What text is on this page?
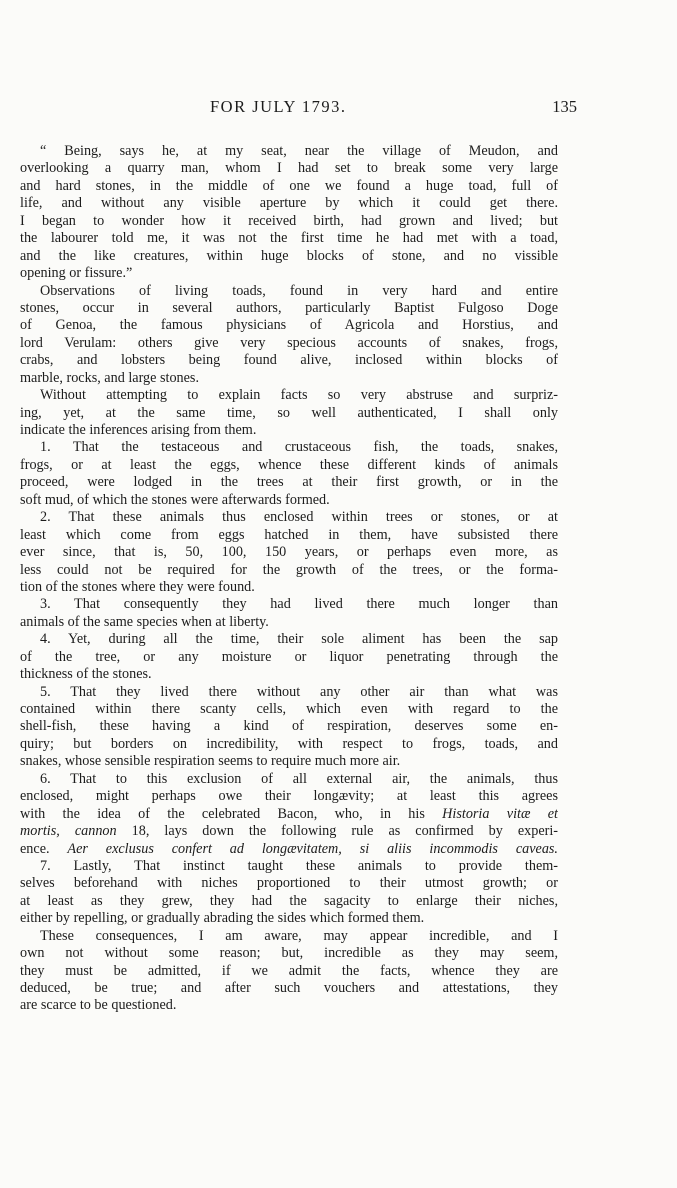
FOR JULY 1793.	135
“ Being, says he, at my seat, near the village of Meudon, and
overlooking a quarry man, whom I had set to break some very large
and hard stones, in the middle of one we found a huge toad, full of
life, and without any visible aperture by which it could get there.
I began to wonder how it received birth, had grown and lived; but
the labourer told me, it was not the first time he had met with a toad,
and the like creatures, within huge blocks of stone, and no vissible
opening or fissure.”
Observations of living toads, found in very hard and entire
stones, occur in several authors, particularly Baptist Fulgoso Doge
of Genoa, the famous physicians of Agricola and Horstius, and
lord Verulam: others give very specious accounts of snakes, frogs,
crabs, and lobsters being found alive, inclosed within blocks of
marble, rocks, and large stones.
Without attempting to explain facts so very abstruse and surpriz-
ing, yet, at the same time, so well authenticated, I shall only
indicate the inferences arising from them.
1. That the testaceous and crustaceous fish, the toads, snakes,
frogs, or at least the eggs, whence these different kinds of animals
proceed, were lodged in the trees at their first growth, or in the
soft mud, of which the stones were afterwards formed.
2. That these animals thus enclosed within trees or stones, or at
least which come from eggs hatched in them, have subsisted there
ever since, that is, 50, 100, 150 years, or perhaps even more, as
less could not be required for the growth of the trees, or the forma-
tion of the stones where they were found.
3. That consequently they had lived there much longer than
animals of the same species when at liberty.
4. Yet, during all the time, their sole aliment has been the sap
of the tree, or any moisture or liquor penetrating through the
thickness of the stones.
5. That they lived there without any other air than what was
contained within there scanty cells, which even with regard to the
shell-fish, these having a kind of respiration, deserves some en-
quiry; but borders on incredibility, with respect to frogs, toads, and
snakes, whose sensible respiration seems to require much more air.
6. That to this exclusion of all external air, the animals, thus
enclosed, might perhaps owe their longævity; at least this agrees
with the idea of the celebrated Bacon, who, in his Historia vitæ et
mortis, cannon 18, lays down the following rule as confirmed by experi-
ence. Aer exclusus confert ad longævitatem, si aliis incommodis caveas.
7. Lastly, That instinct taught these animals to provide them-
selves beforehand with niches proportioned to their utmost growth; or
at least as they grew, they had the sagacity to enlarge their niches,
either by repelling, or gradually abrading the sides which formed them.
These consequences, I am aware, may appear incredible, and I
own not without some reason; but, incredible as they may seem,
they must be admitted, if we admit the facts, whence they are
deduced, be true; and after such vouchers and attestations, they
are scarce to be questioned.
